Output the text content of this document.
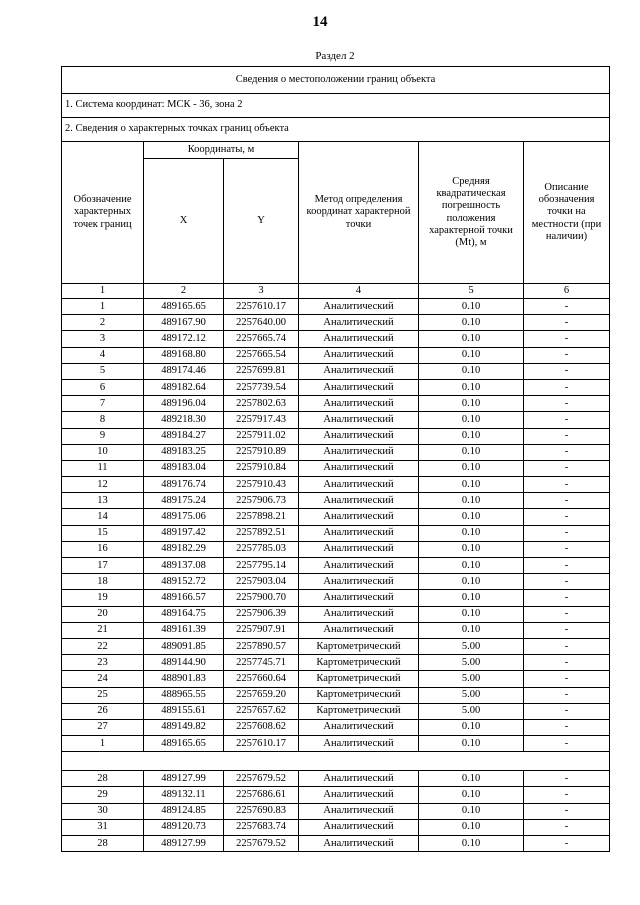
14
Раздел 2
Сведения о местоположении границ объекта					
1. Система координат: МСК - 36, зона 2					
2. Сведения о характерных точках границ объекта					
Обозначение характерных точек границ	Координаты, м		Метод определения координат характерной точки	Средняя квадратическая погрешность положения характерной точки (Mt), м	Описание обозначения точки на местности (при наличии)
	X	Y			
1	2	3	4	5	6
1	489165.65	2257610.17	Аналитический	0.10	-
2	489167.90	2257640.00	Аналитический	0.10	-
3	489172.12	2257665.74	Аналитический	0.10	-
4	489168.80	2257665.54	Аналитический	0.10	-
5	489174.46	2257699.81	Аналитический	0.10	-
6	489182.64	2257739.54	Аналитический	0.10	-
7	489196.04	2257802.63	Аналитический	0.10	-
8	489218.30	2257917.43	Аналитический	0.10	-
9	489184.27	2257911.02	Аналитический	0.10	-
10	489183.25	2257910.89	Аналитический	0.10	-
11	489183.04	2257910.84	Аналитический	0.10	-
12	489176.74	2257910.43	Аналитический	0.10	-
13	489175.24	2257906.73	Аналитический	0.10	-
14	489175.06	2257898.21	Аналитический	0.10	-
15	489197.42	2257892.51	Аналитический	0.10	-
16	489182.29	2257785.03	Аналитический	0.10	-
17	489137.08	2257795.14	Аналитический	0.10	-
18	489152.72	2257903.04	Аналитический	0.10	-
19	489166.57	2257900.70	Аналитический	0.10	-
20	489164.75	2257906.39	Аналитический	0.10	-
21	489161.39	2257907.91	Аналитический	0.10	-
22	489091.85	2257890.57	Картометрический	5.00	-
23	489144.90	2257745.71	Картометрический	5.00	-
24	488901.83	2257660.64	Картометрический	5.00	-
25	488965.55	2257659.20	Картометрический	5.00	-
26	489155.61	2257657.62	Картометрический	5.00	-
27	489149.82	2257608.62	Аналитический	0.10	-
1	489165.65	2257610.17	Аналитический	0.10	-

28	489127.99	2257679.52	Аналитический	0.10	-
29	489132.11	2257686.61	Аналитический	0.10	-
30	489124.85	2257690.83	Аналитический	0.10	-
31	489120.73	2257683.74	Аналитический	0.10	-
28	489127.99	2257679.52	Аналитический	0.10	-
